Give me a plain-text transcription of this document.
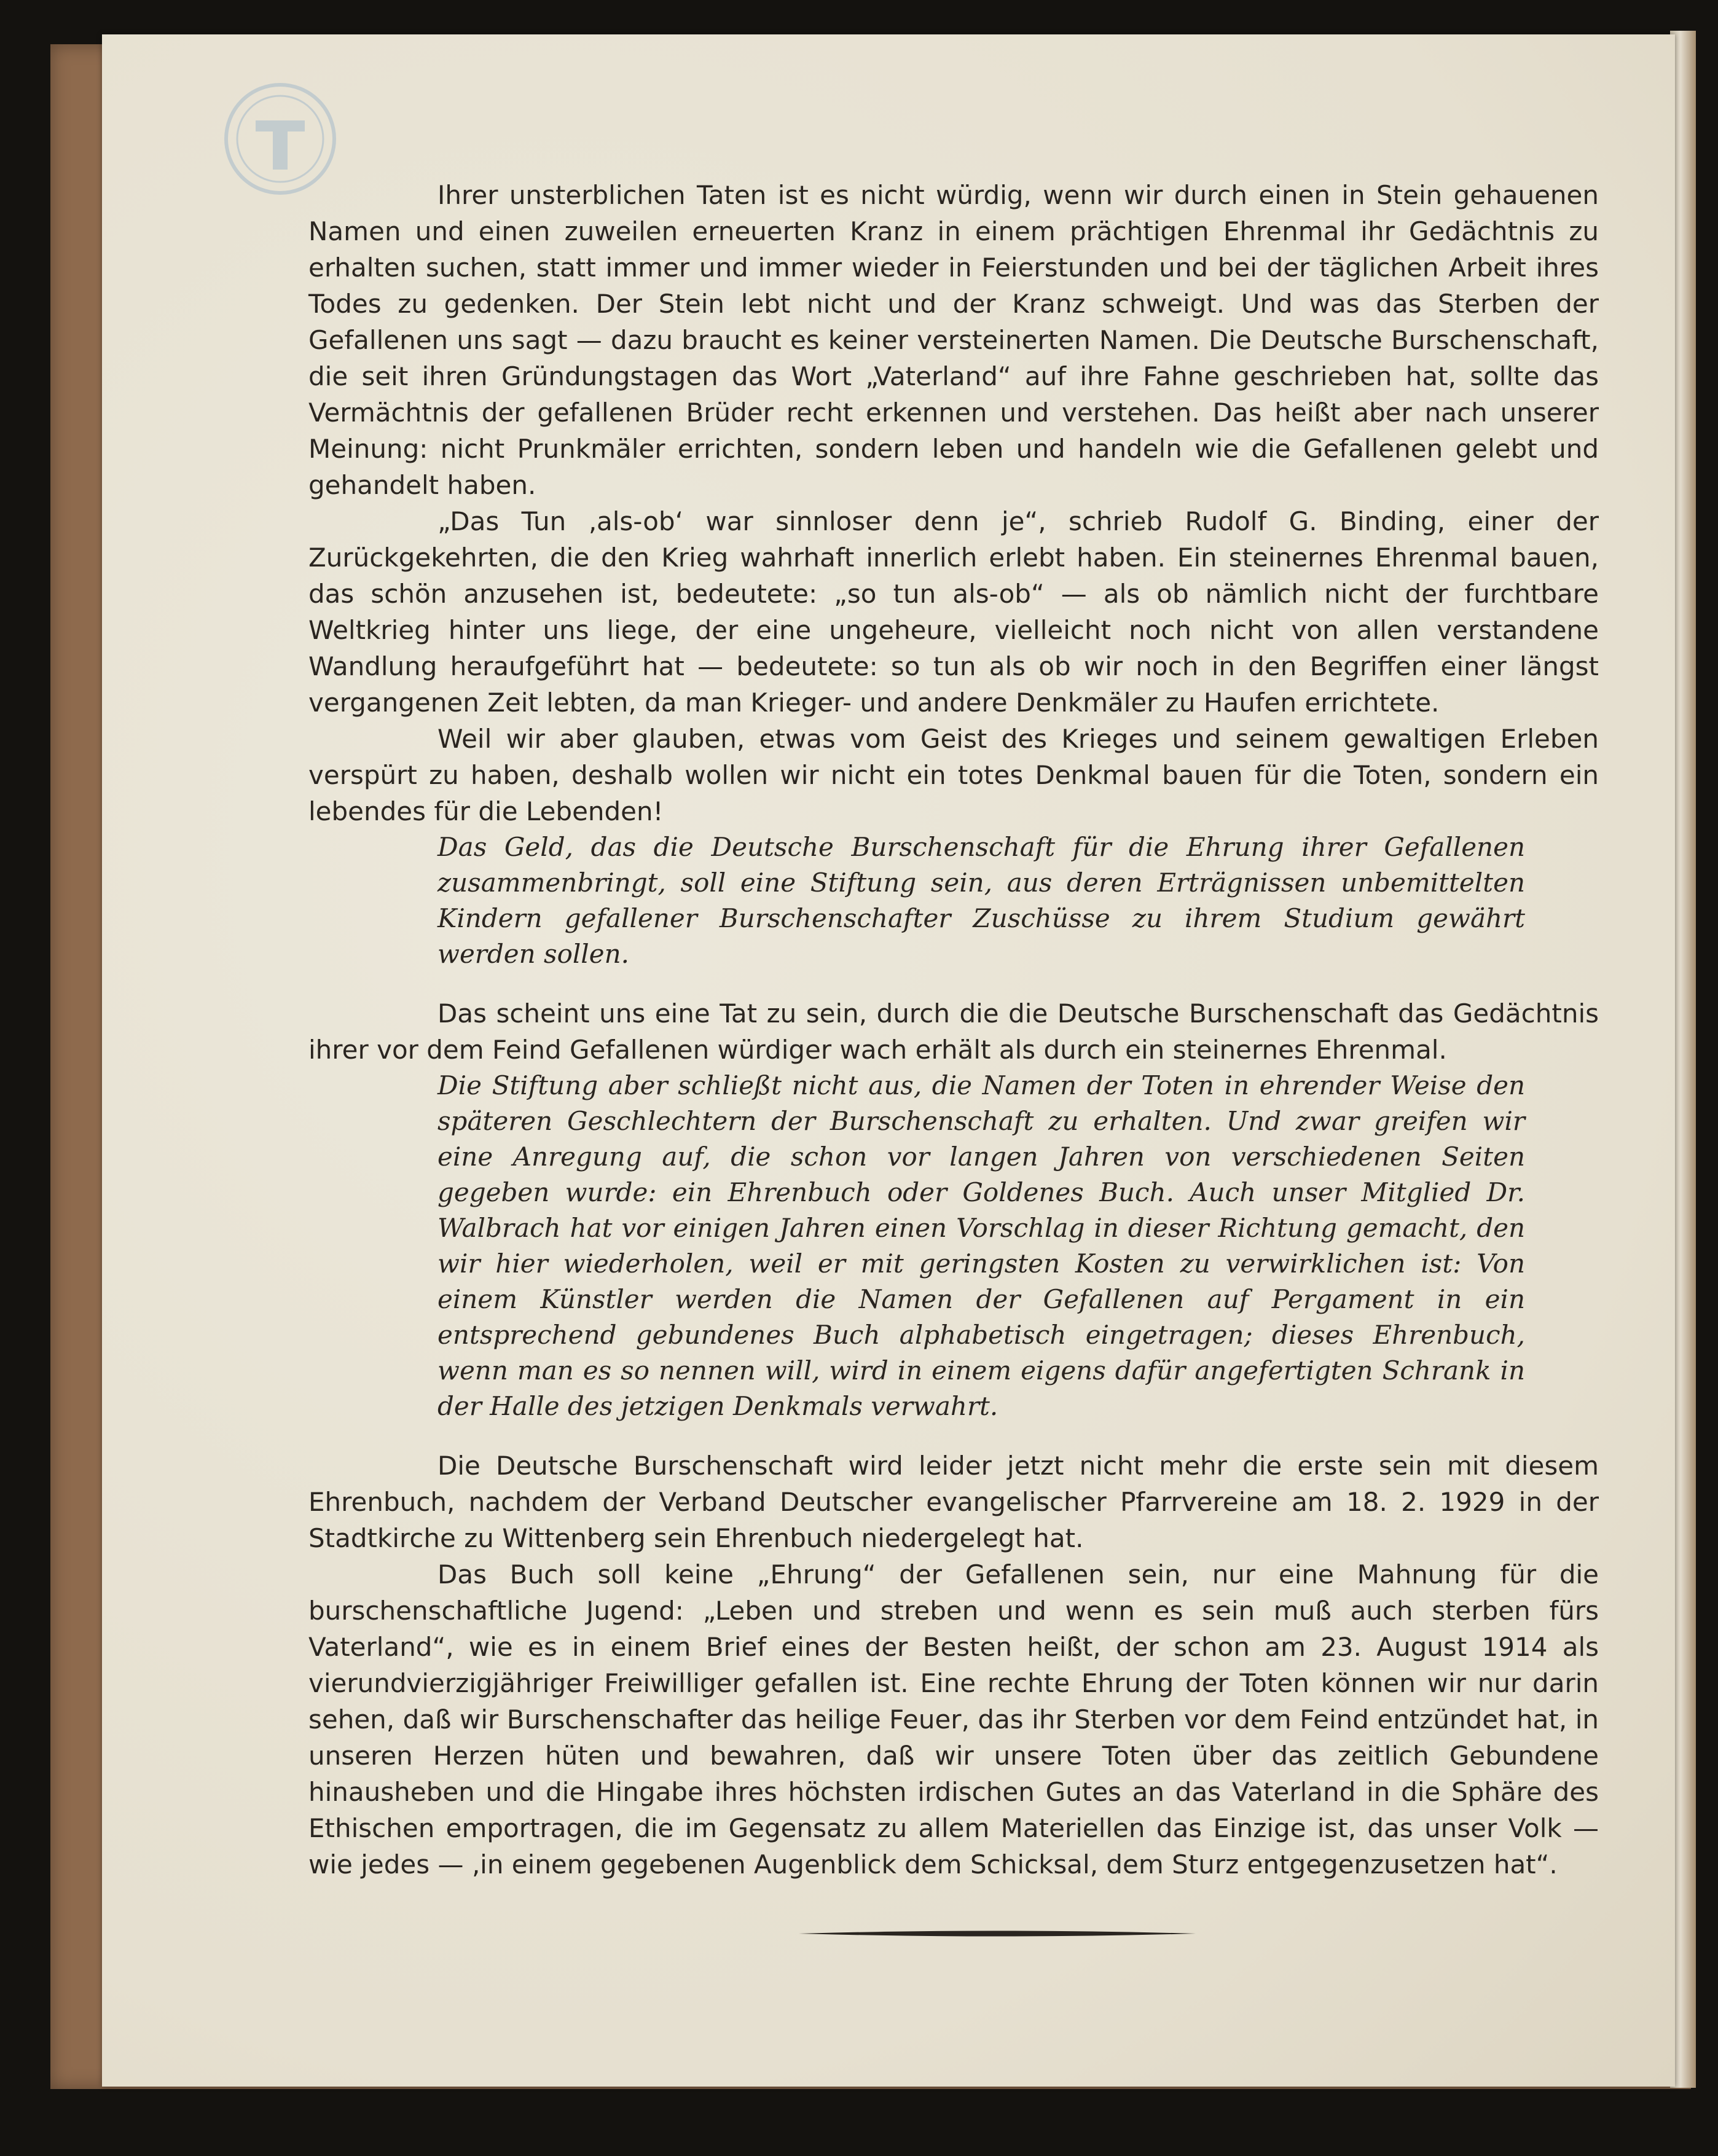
Ihrer unsterblichen Taten ist es nicht würdig, wenn wir durch einen in Stein gehauenen Namen und einen zuweilen erneuerten Kranz in einem prächtigen Ehrenmal ihr Gedächtnis zu erhalten suchen, statt immer und immer wieder in Feierstunden und bei der täglichen Arbeit ihres Todes zu gedenken. Der Stein lebt nicht und der Kranz schweigt. Und was das Sterben der Gefallenen uns sagt — dazu braucht es keiner versteinerten Namen. Die Deutsche Burschenschaft, die seit ihren Gründungstagen das Wort „Vaterland“ auf ihre Fahne geschrieben hat, sollte das Vermächtnis der gefallenen Brüder recht erkennen und verstehen. Das heißt aber nach unserer Meinung: nicht Prunkmäler errichten, sondern leben und handeln wie die Gefallenen gelebt und gehandelt haben.

„Das Tun ‚als-ob‘ war sinnloser denn je“, schrieb Rudolf G. Binding, einer der Zurückgekehrten, die den Krieg wahrhaft innerlich erlebt haben. Ein steinernes Ehrenmal bauen, das schön anzusehen ist, bedeutete: „so tun als-ob“ — als ob nämlich nicht der furchtbare Weltkrieg hinter uns liege, der eine ungeheure, vielleicht noch nicht von allen verstandene Wandlung heraufgeführt hat — bedeutete: so tun als ob wir noch in den Begriffen einer längst vergangenen Zeit lebten, da man Krieger- und andere Denkmäler zu Haufen errichtete.

Weil wir aber glauben, etwas vom Geist des Krieges und seinem gewaltigen Erleben verspürt zu haben, deshalb wollen wir nicht ein totes Denkmal bauen für die Toten, sondern ein lebendes für die Lebenden!

Das Geld, das die Deutsche Burschenschaft für die Ehrung ihrer Gefallenen zusammenbringt, soll eine Stiftung sein, aus deren Erträgnissen unbemittelten Kindern gefallener Burschenschafter Zuschüsse zu ihrem Studium gewährt werden sollen.

Das scheint uns eine Tat zu sein, durch die die Deutsche Burschenschaft das Gedächtnis ihrer vor dem Feind Gefallenen würdiger wach erhält als durch ein steinernes Ehrenmal.

Die Stiftung aber schließt nicht aus, die Namen der Toten in ehrender Weise den späteren Geschlechtern der Burschenschaft zu erhalten. Und zwar greifen wir eine Anregung auf, die schon vor langen Jahren von verschiedenen Seiten gegeben wurde: ein Ehrenbuch oder Goldenes Buch. Auch unser Mitglied Dr. Walbrach hat vor einigen Jahren einen Vorschlag in dieser Richtung gemacht, den wir hier wiederholen, weil er mit geringsten Kosten zu verwirklichen ist: Von einem Künstler werden die Namen der Gefallenen auf Pergament in ein entsprechend gebundenes Buch alphabetisch eingetragen; dieses Ehrenbuch, wenn man es so nennen will, wird in einem eigens dafür angefertigten Schrank in der Halle des jetzigen Denkmals verwahrt.

Die Deutsche Burschenschaft wird leider jetzt nicht mehr die erste sein mit diesem Ehrenbuch, nachdem der Verband Deutscher evangelischer Pfarrvereine am 18. 2. 1929 in der Stadtkirche zu Wittenberg sein Ehrenbuch niedergelegt hat.

Das Buch soll keine „Ehrung“ der Gefallenen sein, nur eine Mahnung für die burschenschaftliche Jugend: „Leben und streben und wenn es sein muß auch sterben fürs Vaterland“, wie es in einem Brief eines der Besten heißt, der schon am 23. August 1914 als vierundvierzigjähriger Freiwilliger gefallen ist. Eine rechte Ehrung der Toten können wir nur darin sehen, daß wir Burschenschafter das heilige Feuer, das ihr Sterben vor dem Feind entzündet hat, in unseren Herzen hüten und bewahren, daß wir unsere Toten über das zeitlich Gebundene hinausheben und die Hingabe ihres höchsten irdischen Gutes an das Vaterland in die Sphäre des Ethischen emportragen, die im Gegensatz zu allem Materiellen das Einzige ist, das unser Volk — wie jedes — ‚in einem gegebenen Augenblick dem Schicksal, dem Sturz entgegenzusetzen hat“.
